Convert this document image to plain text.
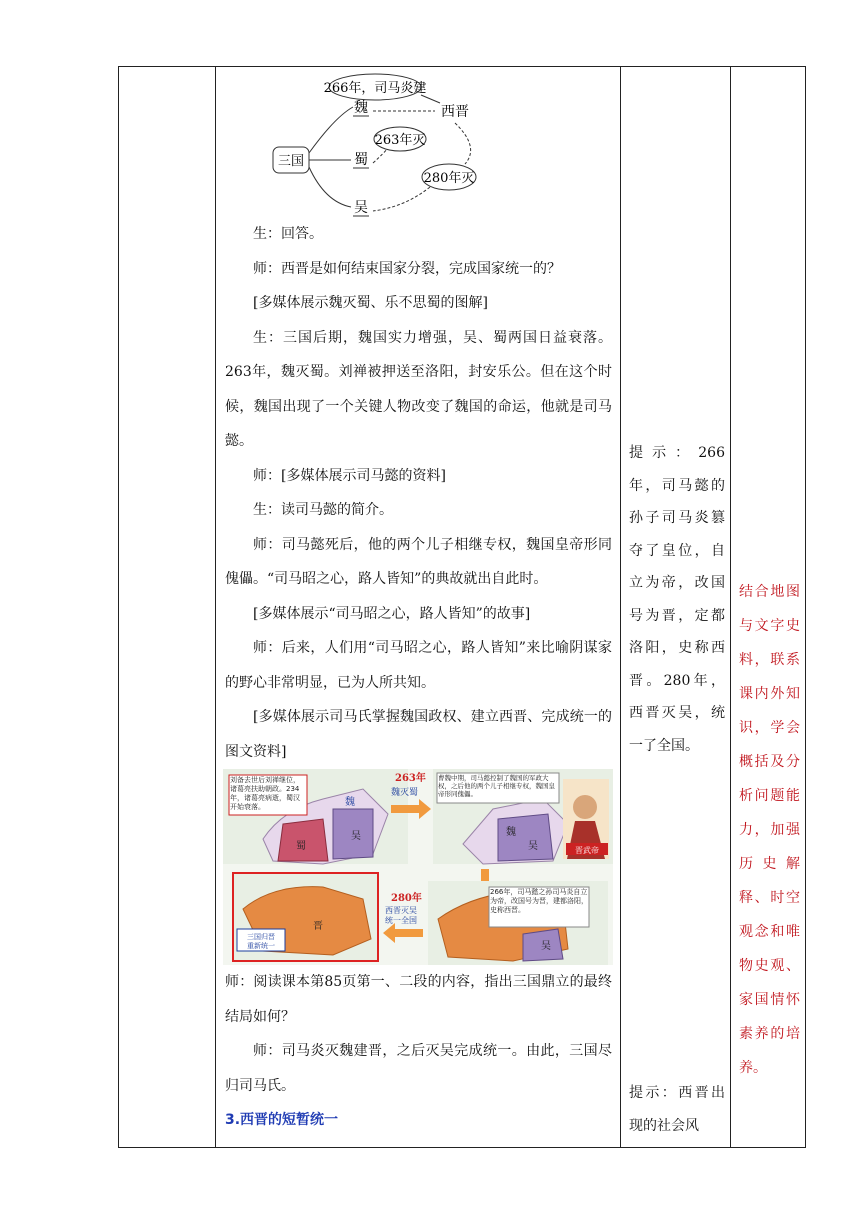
266年，司马炎建
三国
魏
蜀
吴
西晋
263年灭
280年灭

生：回答。

师：西晋是如何结束国家分裂，完成国家统一的？

[多媒体展示魏灭蜀、乐不思蜀的图解]

生：三国后期，魏国实力增强，吴、蜀两国日益衰落。263年，魏灭蜀。刘禅被押送至洛阳，封安乐公。但在这个时候，魏国出现了一个关键人物改变了魏国的命运，他就是司马懿。

师：[多媒体展示司马懿的资料]

生：读司马懿的简介。

师：司马懿死后，他的两个儿子相继专权，魏国皇帝形同傀儡。“司马昭之心，路人皆知”的典故就出自此时。

[多媒体展示“司马昭之心，路人皆知”的故事]

师：后来，人们用“司马昭之心，路人皆知”来比喻阴谋家的野心非常明显，已为人所共知。

[多媒体展示司马氏掌握魏国政权、建立西晋、完成统一的图文资料]

魏
蜀
吴
刘备去世后刘禅继位，诸葛亮扶助朝政。234年，诸葛亮病逝，蜀汉开始衰落。
263年
魏灭蜀
魏
吴
曹魏中期，司马懿控制了魏国的军政大权，之后他的两个儿子相继专权，魏国皇帝形同傀儡。
晋武帝
晋
三国归晋
重新统一
280年
西晋灭吴
统一全国
吴
266年，司马懿之孙司马炎自立为帝，改国号为晋，建都洛阳，史称西晋。

师：阅读课本第85页第一、二段的内容，指出三国鼎立的最终结局如何？

师：司马炎灭魏建晋，之后灭吴完成统一。由此，三国尽归司马氏。

3.西晋的短暂统一

提示：266年，司马懿的孙子司马炎篡夺了皇位，自立为帝，改国号为晋，定都洛阳，史称西晋。280年，西晋灭吴，统一了全国。

提示：西晋出现的社会风

结合地图与文字史料，联系课内外知识，学会概括及分析问题能力，加强历史解释、时空观念和唯物史观、家国情怀素养的培养。
